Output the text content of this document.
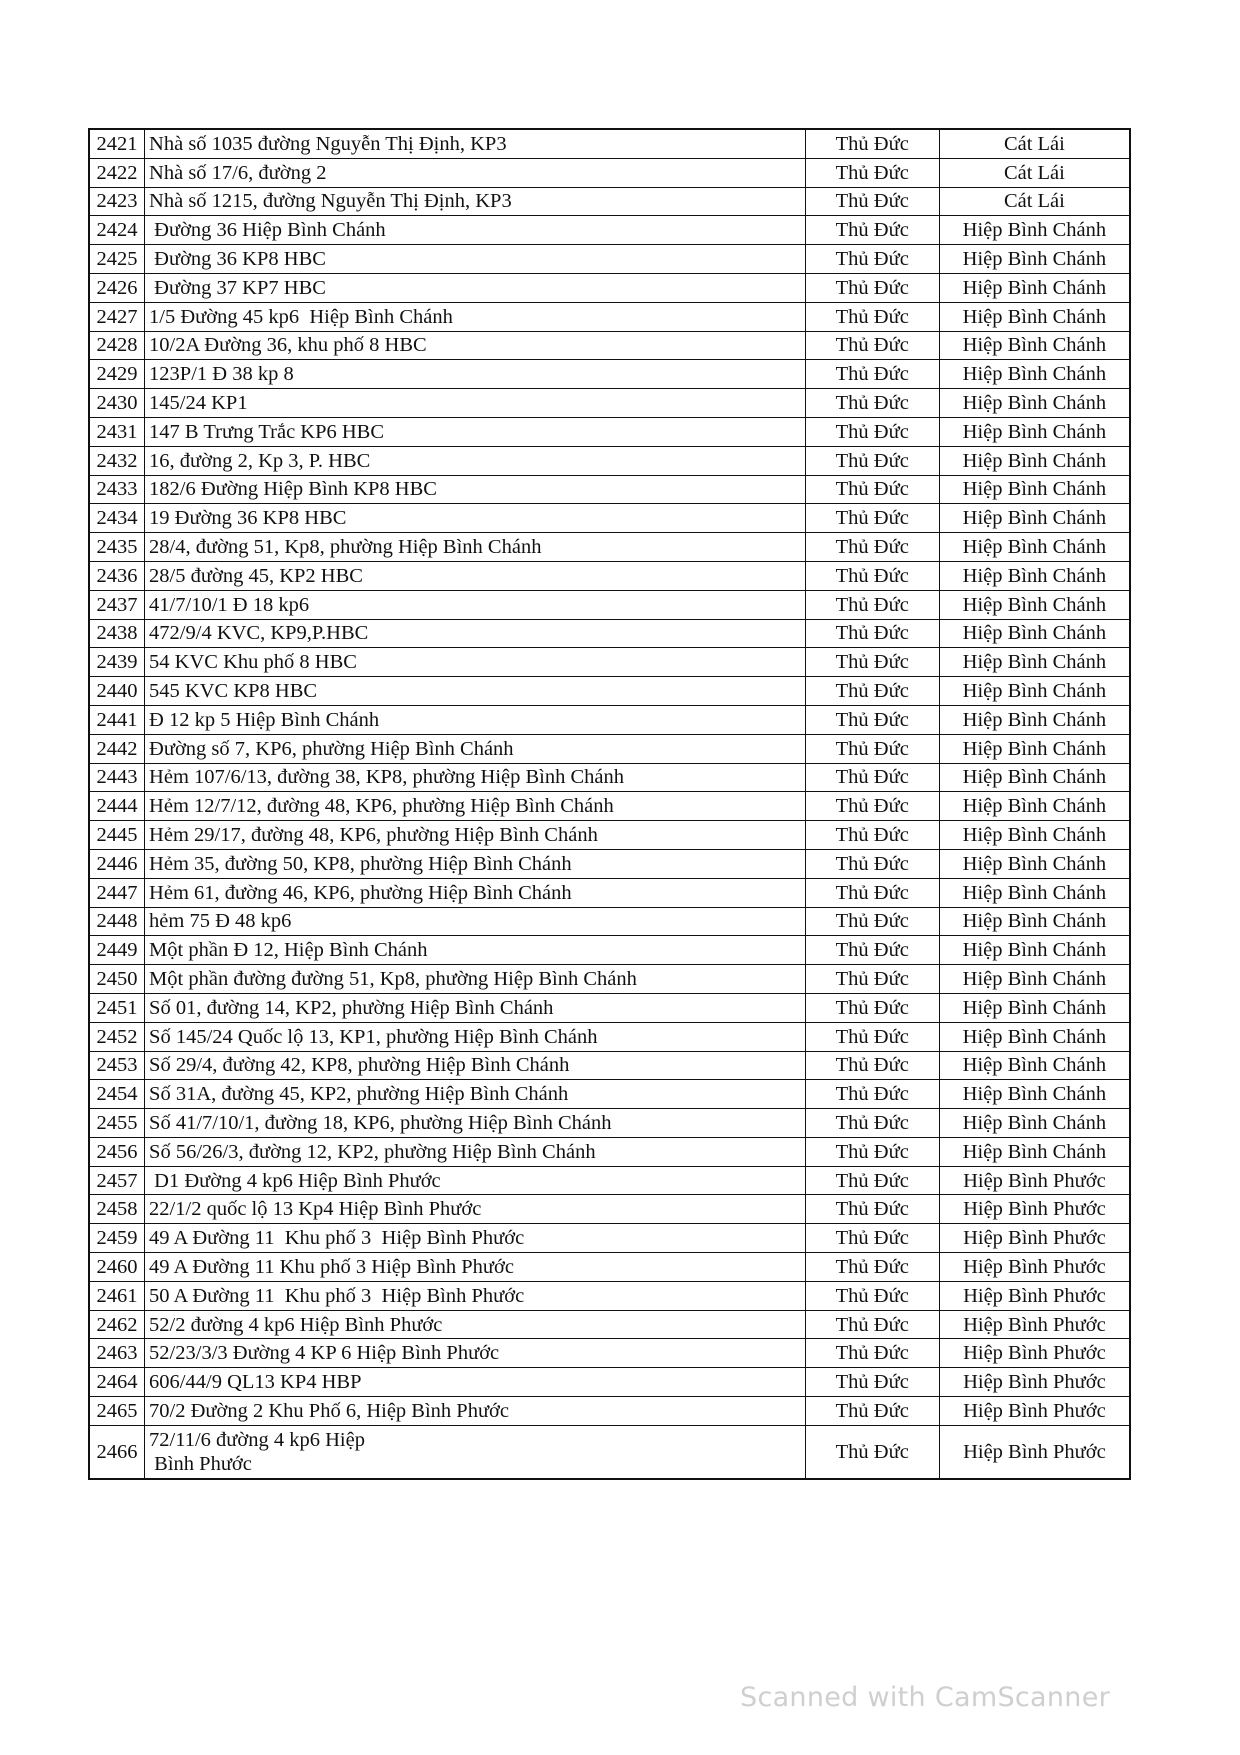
2421	Nhà số 1035 đường Nguyễn Thị Định, KP3	Thủ Đức	Cát Lái
2422	Nhà số 17/6, đường 2	Thủ Đức	Cát Lái
2423	Nhà số 1215, đường Nguyễn Thị Định, KP3	Thủ Đức	Cát Lái
2424	Đường 36 Hiệp Bình Chánh	Thủ Đức	Hiệp Bình Chánh
2425	Đường 36 KP8 HBC	Thủ Đức	Hiệp Bình Chánh
2426	Đường 37 KP7 HBC	Thủ Đức	Hiệp Bình Chánh
2427	1/5 Đường 45 kp6  Hiệp Bình Chánh	Thủ Đức	Hiệp Bình Chánh
2428	10/2A Đường 36, khu phố 8 HBC	Thủ Đức	Hiệp Bình Chánh
2429	123P/1 Đ 38 kp 8	Thủ Đức	Hiệp Bình Chánh
2430	145/24 KP1	Thủ Đức	Hiệp Bình Chánh
2431	147 B Trưng Trắc KP6 HBC	Thủ Đức	Hiệp Bình Chánh
2432	16, đường 2, Kp 3, P. HBC	Thủ Đức	Hiệp Bình Chánh
2433	182/6 Đường Hiệp Bình KP8 HBC	Thủ Đức	Hiệp Bình Chánh
2434	19 Đường 36 KP8 HBC	Thủ Đức	Hiệp Bình Chánh
2435	28/4, đường 51, Kp8, phường Hiệp Bình Chánh	Thủ Đức	Hiệp Bình Chánh
2436	28/5 đường 45, KP2 HBC	Thủ Đức	Hiệp Bình Chánh
2437	41/7/10/1 Đ 18 kp6	Thủ Đức	Hiệp Bình Chánh
2438	472/9/4 KVC, KP9,P.HBC	Thủ Đức	Hiệp Bình Chánh
2439	54 KVC Khu phố 8 HBC	Thủ Đức	Hiệp Bình Chánh
2440	545 KVC KP8 HBC	Thủ Đức	Hiệp Bình Chánh
2441	Đ 12 kp 5 Hiệp Bình Chánh	Thủ Đức	Hiệp Bình Chánh
2442	Đường số 7, KP6, phường Hiệp Bình Chánh	Thủ Đức	Hiệp Bình Chánh
2443	Hẻm 107/6/13, đường 38, KP8, phường Hiệp Bình Chánh	Thủ Đức	Hiệp Bình Chánh
2444	Hẻm 12/7/12, đường 48, KP6, phường Hiệp Bình Chánh	Thủ Đức	Hiệp Bình Chánh
2445	Hẻm 29/17, đường 48, KP6, phường Hiệp Bình Chánh	Thủ Đức	Hiệp Bình Chánh
2446	Hẻm 35, đường 50, KP8, phường Hiệp Bình Chánh	Thủ Đức	Hiệp Bình Chánh
2447	Hẻm 61, đường 46, KP6, phường Hiệp Bình Chánh	Thủ Đức	Hiệp Bình Chánh
2448	hẻm 75 Đ 48 kp6	Thủ Đức	Hiệp Bình Chánh
2449	Một phần Đ 12, Hiệp Bình Chánh	Thủ Đức	Hiệp Bình Chánh
2450	Một phần đường đường 51, Kp8, phường Hiệp Bình Chánh	Thủ Đức	Hiệp Bình Chánh
2451	Số 01, đường 14, KP2, phường Hiệp Bình Chánh	Thủ Đức	Hiệp Bình Chánh
2452	Số 145/24 Quốc lộ 13, KP1, phường Hiệp Bình Chánh	Thủ Đức	Hiệp Bình Chánh
2453	Số 29/4, đường 42, KP8, phường Hiệp Bình Chánh	Thủ Đức	Hiệp Bình Chánh
2454	Số 31A, đường 45, KP2, phường Hiệp Bình Chánh	Thủ Đức	Hiệp Bình Chánh
2455	Số 41/7/10/1, đường 18, KP6, phường Hiệp Bình Chánh	Thủ Đức	Hiệp Bình Chánh
2456	Số 56/26/3, đường 12, KP2, phường Hiệp Bình Chánh	Thủ Đức	Hiệp Bình Chánh
2457	D1 Đường 4 kp6 Hiệp Bình Phước	Thủ Đức	Hiệp Bình Phước
2458	22/1/2 quốc lộ 13 Kp4 Hiệp Bình Phước	Thủ Đức	Hiệp Bình Phước
2459	49 A Đường 11  Khu phố 3  Hiệp Bình Phước	Thủ Đức	Hiệp Bình Phước
2460	49 A Đường 11 Khu phố 3 Hiệp Bình Phước	Thủ Đức	Hiệp Bình Phước
2461	50 A Đường 11  Khu phố 3  Hiệp Bình Phước	Thủ Đức	Hiệp Bình Phước
2462	52/2 đường 4 kp6 Hiệp Bình Phước	Thủ Đức	Hiệp Bình Phước
2463	52/23/3/3 Đường 4 KP 6 Hiệp Bình Phước	Thủ Đức	Hiệp Bình Phước
2464	606/44/9 QL13 KP4 HBP	Thủ Đức	Hiệp Bình Phước
2465	70/2 Đường 2 Khu Phố 6, Hiệp Bình Phước	Thủ Đức	Hiệp Bình Phước
2466	72/11/6 đường 4 kp6 Hiệp
Bình Phước	Thủ Đức	Hiệp Bình Phước
Scanned with CamScanner
